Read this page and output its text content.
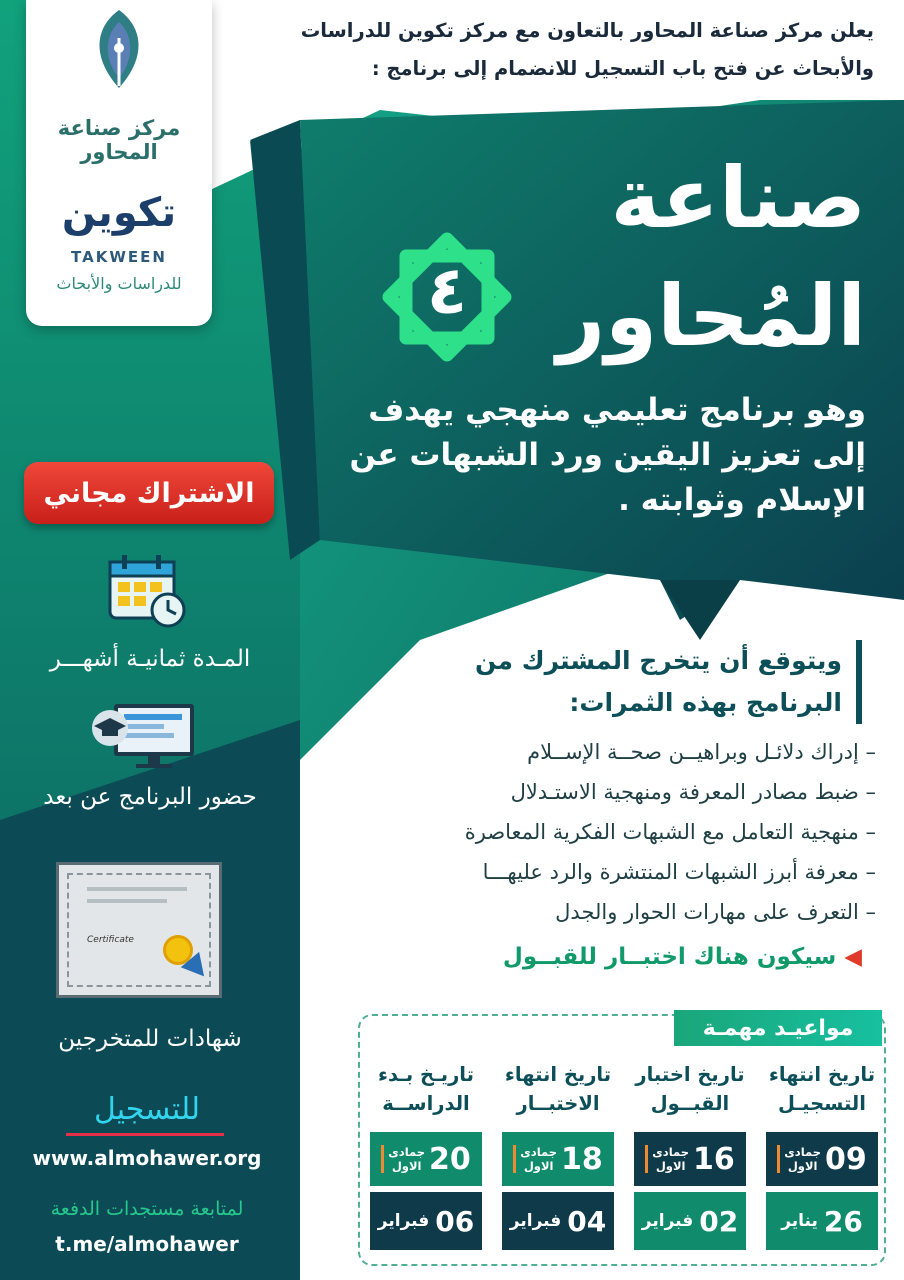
مركز صناعة المحاور
تكوين
TAKWEEN
للدراسات والأبحاث
يعلن مركز صناعة المحاور بالتعاون مع مركز تكوين للدراسات
والأبحاث عن فتح باب التسجيل للانضمام إلى برنامج :
صناعة
المُحاور
٤
وهو برنامج تعليمي منهجي يهدف
إلى تعزيز اليقين ورد الشبهات عن
الإسلام وثوابته .
الاشتراك مجاني
المـدة ثمانيـة أشهـــر
حضور البرنامج عن بعد
Certificate
شهادات للمتخرجين
ويتوقع أن يتخرج المشترك من
البرنامج بهذه الثمرات:
– إدراك دلائـل وبراهيــن صحــة الإســلام
– ضبط مصادر المعرفة ومنهجية الاستـدلال
– منهجية التعامل مع الشبهات الفكرية المعاصرة
– معرفة أبرز الشبهات المنتشرة والرد عليهـــا
– التعرف على مهارات الحوار والجدل
◀سيكون هناك اختبــار للقبــول
مواعيـد مهمـة
تاريخ انتهاء
التسجيـل
09
جمادى
الاول
26
يناير
تاريخ اختبار
القبــول
16
جمادى
الاول
02
فبراير
تاريخ انتهاء
الاختبــار
18
جمادى
الاول
04
فبراير
تاريـخ بـدء
الدراســة
20
جمادى
الاول
06
فبراير
للتسجيل
www.almohawer.org
لمتابعة مستجدات الدفعة
t.me/almohawer
